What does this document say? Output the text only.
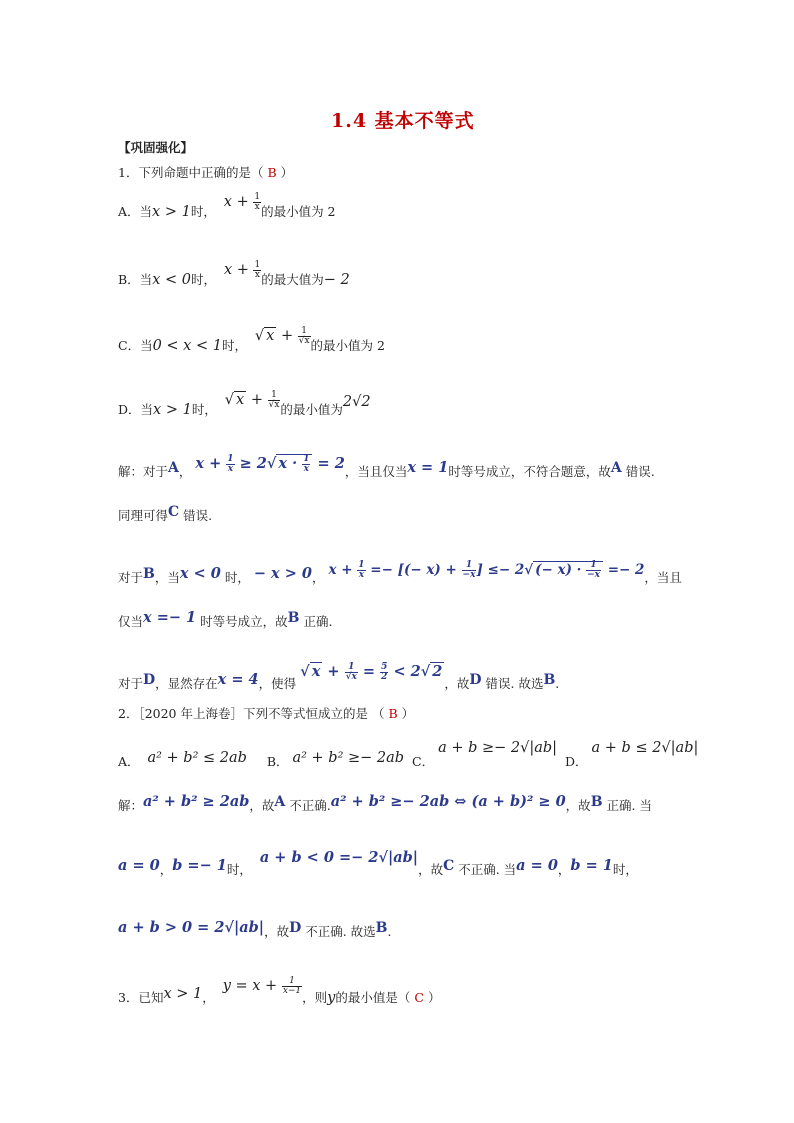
1.4 基本不等式
【巩固强化】
1．下列命题中正确的是（ B ）
A．当x > 1时，  $x + \frac{1}{x}$ 的最小值为 2
B．当x < 0时，  $x + \frac{1}{x}$ 的最大值为− 2
C．当0 < x < 1时，  √ $x + \frac{1}{√x}$ 的最小值为 2
D．当x > 1时，  √ $x + \frac{1}{√x}$ 的最小值为2√2
解：对于A， $x + \frac{1}{x} \ge 2√$ $x \cdot \frac{1}{x} = 2$，当且仅当x = 1时等号成立，不符合题意，故A 错误.
同理可得C 错误.
对于B，当x < 0 时， − x > 0， $x + \frac{1}{x}$ =− [(− $x) + \frac{1}{-x}$ ] ≤− 2√ (− $x) \cdot \frac{1}{-x} =- 2$，当且
仅当x =− 1 时等号成立，故B 正确.
对于D，显然存在x = 4，使得 √ $x + \frac{1}{√x} = \frac{5}{2} < 2√$ 2，故D 错误. 故选B.
2．［2020 年上海卷］下列不等式恒成立的是 （ B ）
A． a² + b² ≤ 2ab B． a² + b² ≥− 2ab C． a + b ≥− 2√|ab|  D． a + b ≤ 2√|ab|
解：a² + b² ≥ 2ab，故A 不正确.a² + b² ≥− 2ab ⇔ (a + b)² ≥ 0，故B 正确. 当
a = 0，b =− 1时，  a + b < 0 =− 2√|ab|，故C 不正确. 当a = 0，b = 1时，
a + b > 0 = 2√|ab|，故D 不正确. 故选B.
3．已知x > 1，  $y = x + \frac{1}{x-1}$
，则y的最小值是（ C ）
